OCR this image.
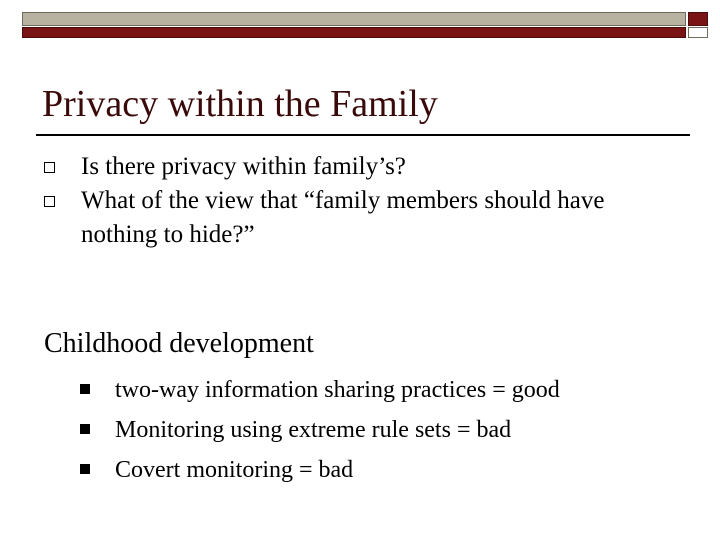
Privacy within the Family
Is there privacy within family’s?
What of the view that “family members should have nothing to hide?”

Childhood development

two-way information sharing practices = good
Monitoring using extreme rule sets = bad
Covert monitoring = bad
